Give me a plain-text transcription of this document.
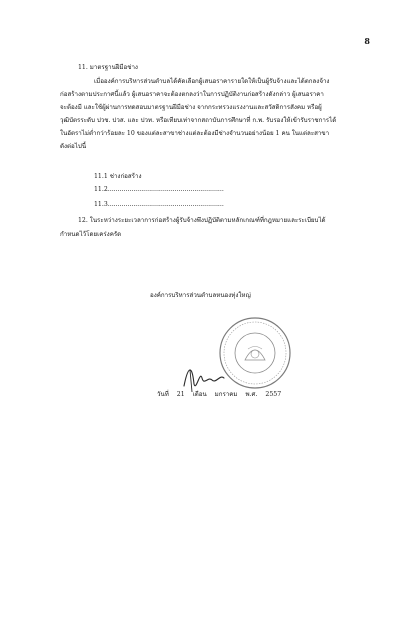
8
11. มาตรฐานฝีมือช่าง
เมื่อองค์การบริหารส่วนตำบลได้คัดเลือกผู้เสนอราคารายใดให้เป็นผู้รับจ้างและได้ตกลงจ้าง
ก่อสร้างตามประกาศนี้แล้ว ผู้เสนอราคาจะต้องตกลงว่าในการปฏิบัติงานก่อสร้างดังกล่าว ผู้เสนอราคา
จะต้องมี และใช้ผู้ผ่านการทดสอบมาตรฐานฝีมือช่าง จากกระทรวงแรงงานและสวัสดิการสังคม หรือผู้
วุฒิบัตรระดับ ปวช. ปวส. และ ปวท. หรือเทียบเท่าจากสถาบันการศึกษาที่ ก.พ. รับรองให้เข้ารับราชการได้
ในอัตราไม่ต่ำกว่าร้อยละ 10 ของแต่ละสาขาช่างแต่ละต้องมีช่างจำนวนอย่างน้อย 1 คน ในแต่ละสาขา
ดังต่อไปนี้
11.1 ช่างก่อสร้าง
11.2...........................................................
11.3...........................................................
12. ในระหว่างระยะเวลาการก่อสร้างผู้รับจ้างพึงปฏิบัติตามหลักเกณฑ์ที่กฎหมายและระเบียบได้
กำหนดไว้โดยเคร่งครัด
องค์การบริหารส่วนตำบลหนองทุ่งใหญ่
วันที่ 21 เดือน มกราคม พ.ศ. 2557
